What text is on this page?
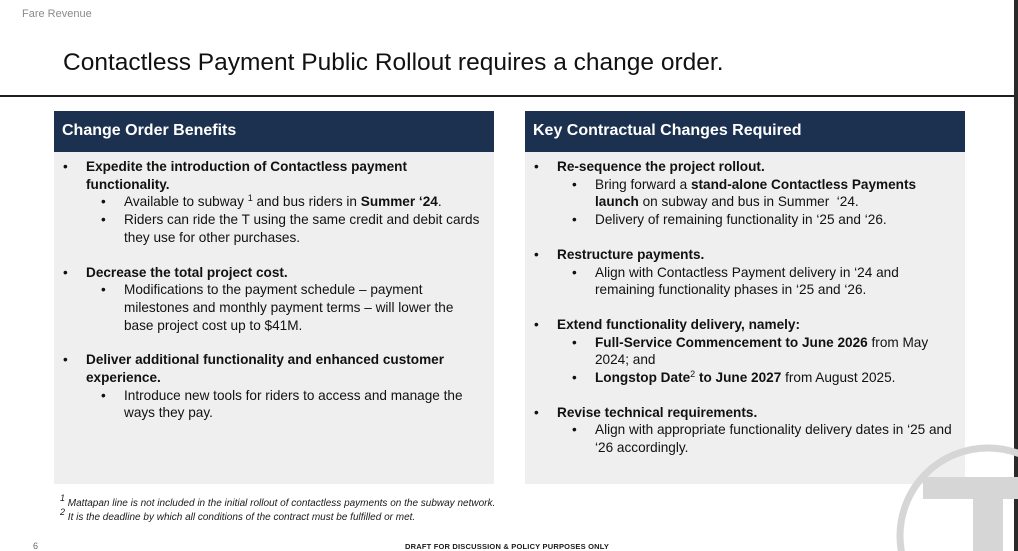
Fare Revenue
Contactless Payment Public Rollout requires a change order.
Change Order Benefits
•	Expedite the introduction of Contactless payment functionality.
•	Available to subway $^1$ and bus riders in Summer ‘24.
•	Riders can ride the T using the same credit and debit cards they use for other purchases.
•	Decrease the total project cost.
•	Modifications to the payment schedule – payment milestones and monthly payment terms – will lower the base project cost up to $41M.
•	Deliver additional functionality and enhanced customer experience.
•	Introduce new tools for riders to access and manage the ways they pay.
Key Contractual Changes Required
•	Re-sequence the project rollout.
•	Bring forward a stand-alone Contactless Payments launch on subway and bus in Summer  ‘24.
•	Delivery of remaining functionality in ‘25 and ‘26.
•	Restructure payments.
•	Align with Contactless Payment delivery in ‘24 and remaining functionality phases in ‘25 and ‘26.
•	Extend functionality delivery, namely:
•	Full-Service Commencement to June 2026 from May 2024; and
•	Longstop Date$^2$ to June 2027 from August 2025.
•	Revise technical requirements.
•	Align with appropriate functionality delivery dates in ‘25 and ‘26 accordingly.
$^1$ Mattapan line is not included in the initial rollout of contactless payments on the subway network.
$^2$ It is the deadline by which all conditions of the contract must be fulfilled or met.
6	DRAFT FOR DISCUSSION & POLICY PURPOSES ONLY
